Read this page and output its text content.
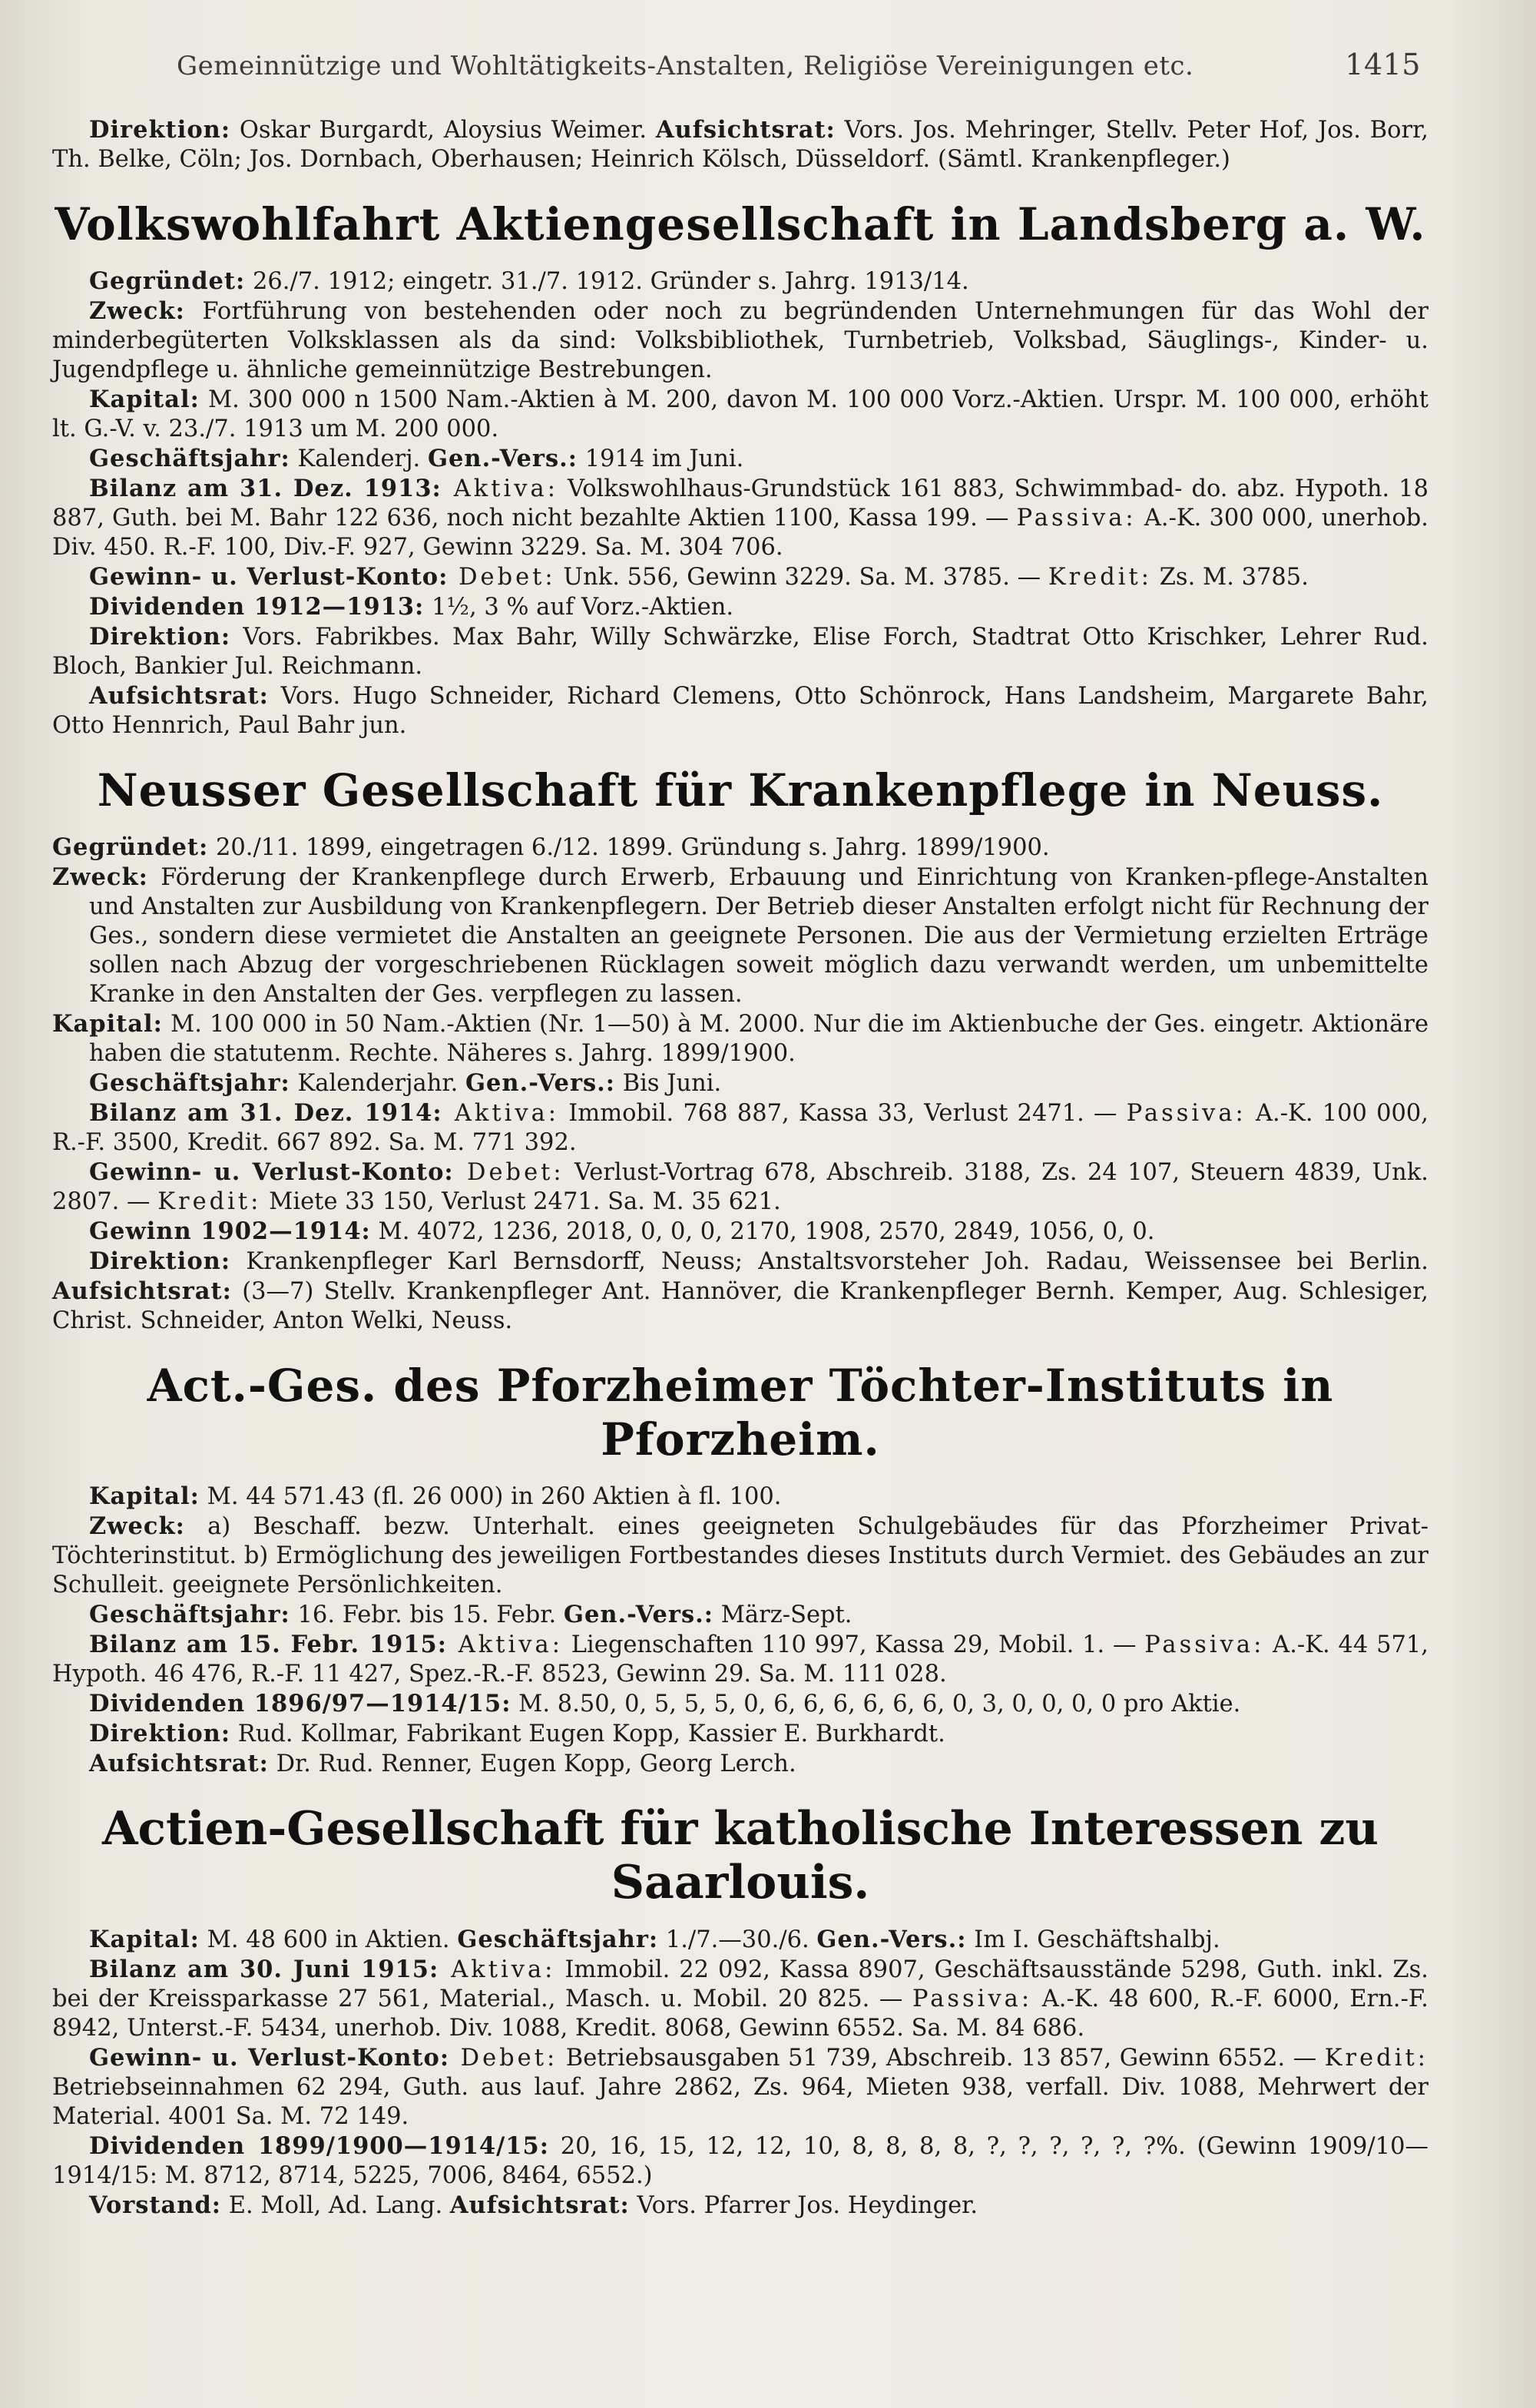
Gemeinnützige und Wohltätigkeits-Anstalten, Religiöse Vereinigungen etc.	1415

Direktion: Oskar Burgardt, Aloysius Weimer. Aufsichtsrat: Vors. Jos. Mehringer, Stellv. Peter Hof, Jos. Borr, Th. Belke, Cöln; Jos. Dornbach, Oberhausen; Heinrich Kölsch, Düsseldorf. (Sämtl. Krankenpfleger.)

Volkswohlfahrt Aktiengesellschaft in Landsberg a. W.

Gegründet: 26./7. 1912; eingetr. 31./7. 1912. Gründer s. Jahrg. 1913/14.

Zweck: Fortführung von bestehenden oder noch zu begründenden Unternehmungen für das Wohl der minderbegüterten Volksklassen als da sind: Volksbibliothek, Turnbetrieb, Volksbad, Säuglings-, Kinder- u. Jugendpflege u. ähnliche gemeinnützige Bestrebungen.

Kapital: M. 300 000 n 1500 Nam.-Aktien à M. 200, davon M. 100 000 Vorz.-Aktien. Urspr. M. 100 000, erhöht lt. G.-V. v. 23./7. 1913 um M. 200 000.

Geschäftsjahr: Kalenderj. Gen.-Vers.: 1914 im Juni.

Bilanz am 31. Dez. 1913: Aktiva: Volkswohlhaus-Grundstück 161 883, Schwimmbad- do. abz. Hypoth. 18 887, Guth. bei M. Bahr 122 636, noch nicht bezahlte Aktien 1100, Kassa 199. — Passiva: A.-K. 300 000, unerhob. Div. 450. R.-F. 100, Div.-F. 927, Gewinn 3229. Sa. M. 304 706.

Gewinn- u. Verlust-Konto: Debet: Unk. 556, Gewinn 3229. Sa. M. 3785. — Kredit: Zs. M. 3785.

Dividenden 1912—1913: 1½, 3 % auf Vorz.-Aktien.

Direktion: Vors. Fabrikbes. Max Bahr, Willy Schwärzke, Elise Forch, Stadtrat Otto Krischker, Lehrer Rud. Bloch, Bankier Jul. Reichmann.

Aufsichtsrat: Vors. Hugo Schneider, Richard Clemens, Otto Schönrock, Hans Landsheim, Margarete Bahr, Otto Hennrich, Paul Bahr jun.

Neusser Gesellschaft für Krankenpflege in Neuss.

Gegründet: 20./11. 1899, eingetragen 6./12. 1899. Gründung s. Jahrg. 1899/1900.

Zweck: Förderung der Krankenpflege durch Erwerb, Erbauung und Einrichtung von Kranken-pflege-Anstalten und Anstalten zur Ausbildung von Krankenpflegern. Der Betrieb dieser Anstalten erfolgt nicht für Rechnung der Ges., sondern diese vermietet die Anstalten an geeignete Personen. Die aus der Vermietung erzielten Erträge sollen nach Abzug der vorgeschriebenen Rücklagen soweit möglich dazu verwandt werden, um unbemittelte Kranke in den Anstalten der Ges. verpflegen zu lassen.

Kapital: M. 100 000 in 50 Nam.-Aktien (Nr. 1—50) à M. 2000. Nur die im Aktienbuche der Ges. eingetr. Aktionäre haben die statutenm. Rechte. Näheres s. Jahrg. 1899/1900.

Geschäftsjahr: Kalenderjahr. Gen.-Vers.: Bis Juni.

Bilanz am 31. Dez. 1914: Aktiva: Immobil. 768 887, Kassa 33, Verlust 2471. — Passiva: A.-K. 100 000, R.-F. 3500, Kredit. 667 892. Sa. M. 771 392.

Gewinn- u. Verlust-Konto: Debet: Verlust-Vortrag 678, Abschreib. 3188, Zs. 24 107, Steuern 4839, Unk. 2807. — Kredit: Miete 33 150, Verlust 2471. Sa. M. 35 621.

Gewinn 1902—1914: M. 4072, 1236, 2018, 0, 0, 0, 2170, 1908, 2570, 2849, 1056, 0, 0.

Direktion: Krankenpfleger Karl Bernsdorff, Neuss; Anstaltsvorsteher Joh. Radau, Weissensee bei Berlin. Aufsichtsrat: (3—7) Stellv. Krankenpfleger Ant. Hannöver, die Krankenpfleger Bernh. Kemper, Aug. Schlesiger, Christ. Schneider, Anton Welki, Neuss.

Act.-Ges. des Pforzheimer Töchter-Instituts in Pforzheim.

Kapital: M. 44 571.43 (fl. 26 000) in 260 Aktien à fl. 100.

Zweck: a) Beschaff. bezw. Unterhalt. eines geeigneten Schulgebäudes für das Pforzheimer Privat-Töchterinstitut. b) Ermöglichung des jeweiligen Fortbestandes dieses Instituts durch Vermiet. des Gebäudes an zur Schulleit. geeignete Persönlichkeiten.

Geschäftsjahr: 16. Febr. bis 15. Febr. Gen.-Vers.: März-Sept.

Bilanz am 15. Febr. 1915: Aktiva: Liegenschaften 110 997, Kassa 29, Mobil. 1. — Passiva: A.-K. 44 571, Hypoth. 46 476, R.-F. 11 427, Spez.-R.-F. 8523, Gewinn 29. Sa. M. 111 028.

Dividenden 1896/97—1914/15: M. 8.50, 0, 5, 5, 5, 0, 6, 6, 6, 6, 6, 6, 0, 3, 0, 0, 0, 0 pro Aktie.

Direktion: Rud. Kollmar, Fabrikant Eugen Kopp, Kassier E. Burkhardt.

Aufsichtsrat: Dr. Rud. Renner, Eugen Kopp, Georg Lerch.

Actien-Gesellschaft für katholische Interessen zu Saarlouis.

Kapital: M. 48 600 in Aktien. Geschäftsjahr: 1./7.—30./6. Gen.-Vers.: Im I. Geschäftshalbj.

Bilanz am 30. Juni 1915: Aktiva: Immobil. 22 092, Kassa 8907, Geschäftsausstände 5298, Guth. inkl. Zs. bei der Kreissparkasse 27 561, Material., Masch. u. Mobil. 20 825. — Passiva: A.-K. 48 600, R.-F. 6000, Ern.-F. 8942, Unterst.-F. 5434, unerhob. Div. 1088, Kredit. 8068, Gewinn 6552. Sa. M. 84 686.

Gewinn- u. Verlust-Konto: Debet: Betriebsausgaben 51 739, Abschreib. 13 857, Gewinn 6552. — Kredit: Betriebseinnahmen 62 294, Guth. aus lauf. Jahre 2862, Zs. 964, Mieten 938, verfall. Div. 1088, Mehrwert der Material. 4001 Sa. M. 72 149.

Dividenden 1899/1900—1914/15: 20, 16, 15, 12, 12, 10, 8, 8, 8, 8, ?, ?, ?, ?, ?, ?%. (Gewinn 1909/10—1914/15: M. 8712, 8714, 5225, 7006, 8464, 6552.)

Vorstand: E. Moll, Ad. Lang. Aufsichtsrat: Vors. Pfarrer Jos. Heydinger.
